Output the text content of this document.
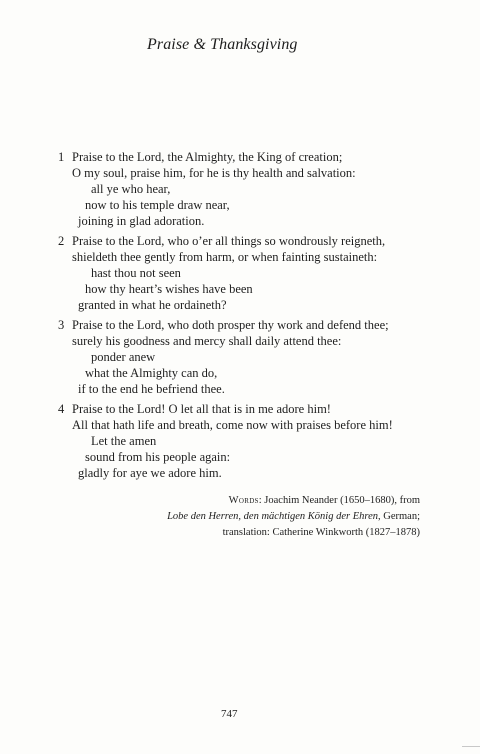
Praise & Thanksgiving
1 Praise to the Lord, the Almighty, the King of creation;
O my soul, praise him, for he is thy health and salvation:
all ye who hear,
now to his temple draw near,
joining in glad adoration.
2 Praise to the Lord, who o’er all things so wondrously reigneth,
shieldeth thee gently from harm, or when fainting sustaineth:
hast thou not seen
how thy heart’s wishes have been
granted in what he ordaineth?
3 Praise to the Lord, who doth prosper thy work and defend thee;
surely his goodness and mercy shall daily attend thee:
ponder anew
what the Almighty can do,
if to the end he befriend thee.
4 Praise to the Lord! O let all that is in me adore him!
All that hath life and breath, come now with praises before him!
Let the amen
sound from his people again:
gladly for aye we adore him.
Words: Joachim Neander (1650–1680), from
Lobe den Herren, den mächtigen König der Ehren, German;
translation: Catherine Winkworth (1827–1878)
747
